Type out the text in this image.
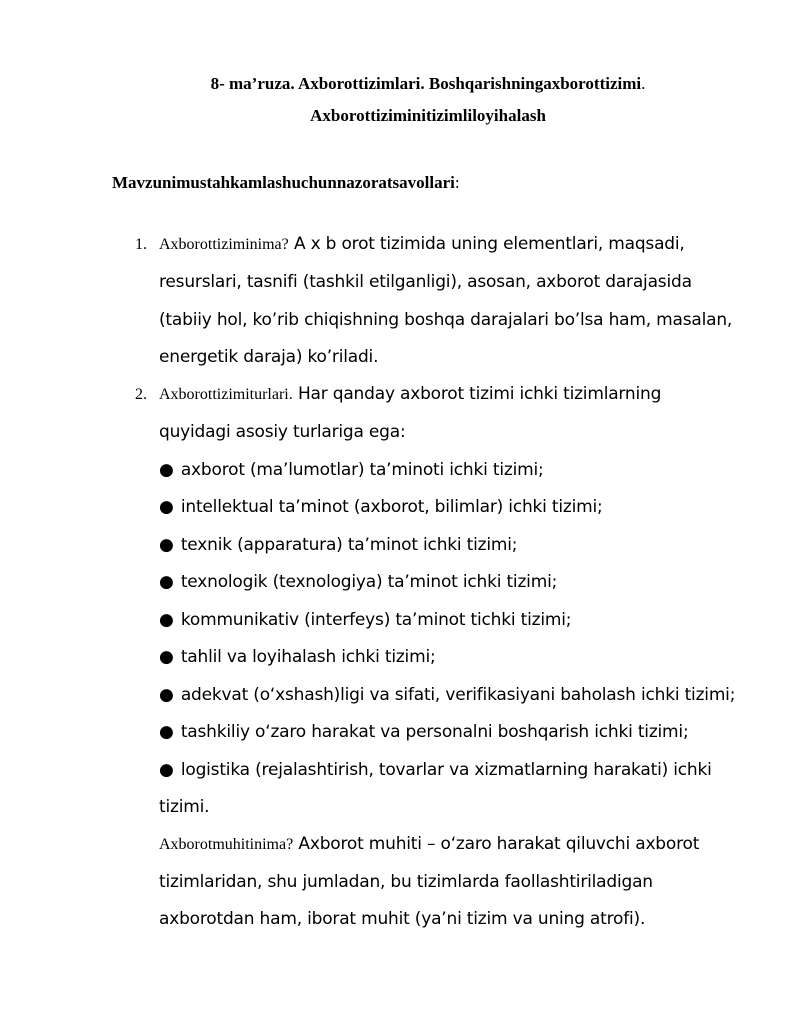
8- ma’ruza. Axborottizimlari. Boshqarishningaxborottizimi.

Axborottiziminitizimliloyihalash

Mavzunimustahkamlashuchunnazoratsavollari:

1. Axborottiziminima? A x b orot tizimida uning elementlari, maqsadi,
resurslari, tasnifi (tashkil etilganligi), asosan, axborot darajasida
(tabiiy hol, ko’rib chiqishning boshqa darajalari bo’lsa ham, masalan,
energetik daraja) ko’riladi.
2. Axborottizimiturlari. Har qanday axborot tizimi ichki tizimlarning
quyidagi asosiy turlariga ega:
● axborot (ma’lumotlar) ta’minoti ichki tizimi;
● intellektual ta’minot (axborot, bilimlar) ichki tizimi;
● texnik (apparatura) ta’minot ichki tizimi;
● texnologik (texnologiya) ta’minot ichki tizimi;
● kommunikativ (interfeys) ta’minot tichki tizimi;
● tahlil va loyihalash ichki tizimi;
● adekvat (o‘xshash)ligi va sifati, verifikasiyani baholash ichki tizimi;
● tashkiliy o‘zaro harakat va personalni boshqarish ichki tizimi;
● logistika (rejalashtirish, tovarlar va xizmatlarning harakati) ichki
tizimi.
Axborotmuhitinima? Axborot muhiti – o‘zaro harakat qiluvchi axborot
tizimlaridan, shu jumladan, bu tizimlarda faollashtiriladigan
axborotdan ham, iborat muhit (ya’ni tizim va uning atrofi).
